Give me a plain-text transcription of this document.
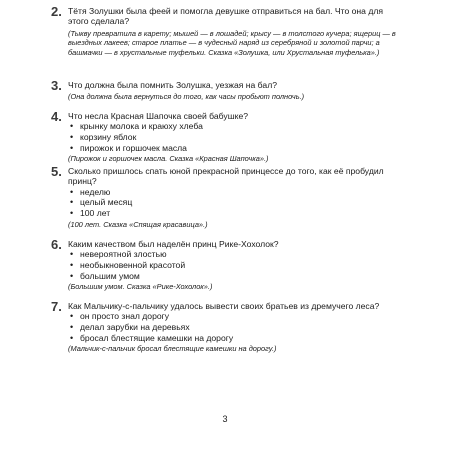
2. Тётя Золушки была феей и помогла девушке отправиться на бал. Что она для этого сделала?

(Тыкву превратила в карету; мышей — в лошадей; крысу — в толстого кучера; ящериц — в выездных лакеев; старое платье — в чудесный наряд из серебряной и золотой парчи; а башмачки — в хрустальные туфельки. Сказка «Золушка, или Хрустальная туфелька».)

3. Что должна была помнить Золушка, уезжая на бал?

(Она должна была вернуться до того, как часы пробьют полночь.)

4. Что несла Красная Шапочка своей бабушке?

• крынку молока и краюху хлеба
• корзину яблок
• пирожок и горшочек масла

(Пирожок и горшочек масла. Сказка «Красная Шапочка».)

5. Сколько пришлось спать юной прекрасной принцессе до того, как её пробудил принц?

• неделю
• целый месяц
• 100 лет

(100 лет. Сказка «Спящая красавица».)

6. Каким качеством был наделён принц Рике-Хохолок?

• невероятной злостью
• необыкновенной красотой
• большим умом

(Большим умом. Сказка «Рике-Хохолок».)

7. Как Мальчику-с-пальчику удалось вывести своих братьев из дремучего леса?

• он просто знал дорогу
• делал зарубки на деревьях
• бросал блестящие камешки на дорогу

(Мальчик-с-пальчик бросал блестящие камешки на дорогу.)

3
